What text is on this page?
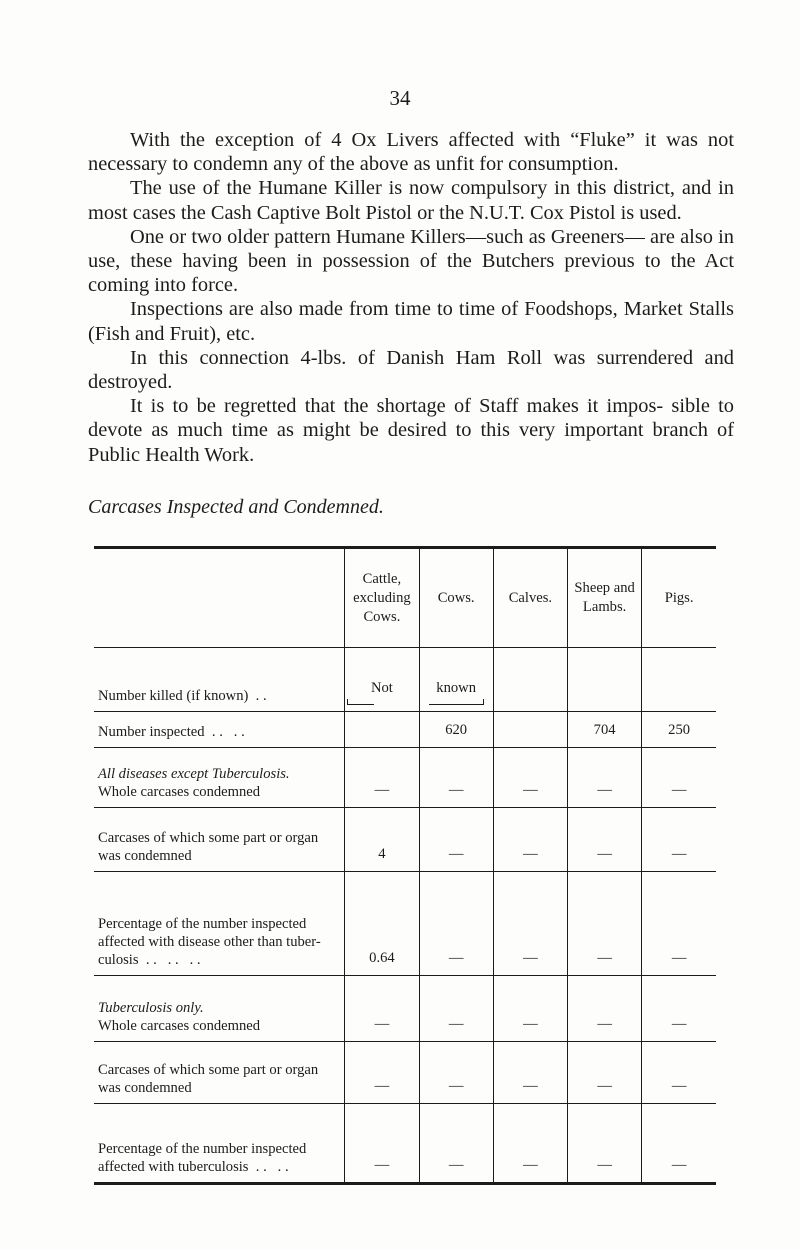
34

With the exception of 4 Ox Livers affected with “Fluke” it was not necessary to condemn any of the above as unfit for consumption.

The use of the Humane Killer is now compulsory in this district, and in most cases the Cash Captive Bolt Pistol or the N.U.T. Cox Pistol is used.

One or two older pattern Humane Killers—such as Greeners— are also in use, these having been in possession of the Butchers previous to the Act coming into force.

Inspections are also made from time to time of Foodshops, Market Stalls (Fish and Fruit), etc.

In this connection 4-lbs. of Danish Ham Roll was surrendered and destroyed.

It is to be regretted that the shortage of Staff makes it impos- sible to devote as much time as might be desired to this very important branch of Public Health Work.

Carcases Inspected and Condemned.
	Cattle, excluding Cows.	Cows.	Calves.	Sheep and Lambs.	Pigs.
Number killed (if known)  . .	Not	known

Number inspected  . .   . .		620		704	250

All diseases except Tuberculosis.
Whole carcases condemned	—	—	—	—	—
Carcases of which some part or organ was condemned	4	—	—	—	—
Percentage of the number inspected affected with disease other than tuber- culosis  . .   . .   . .	0.64	—	—	—	—

Tuberculosis only.
Whole carcases condemned	—	—	—	—	—
Carcases of which some part or organ was condemned	—	—	—	—	—
Percentage of the number inspected affected with tuberculosis  . .   . .	—	—	—	—	—
